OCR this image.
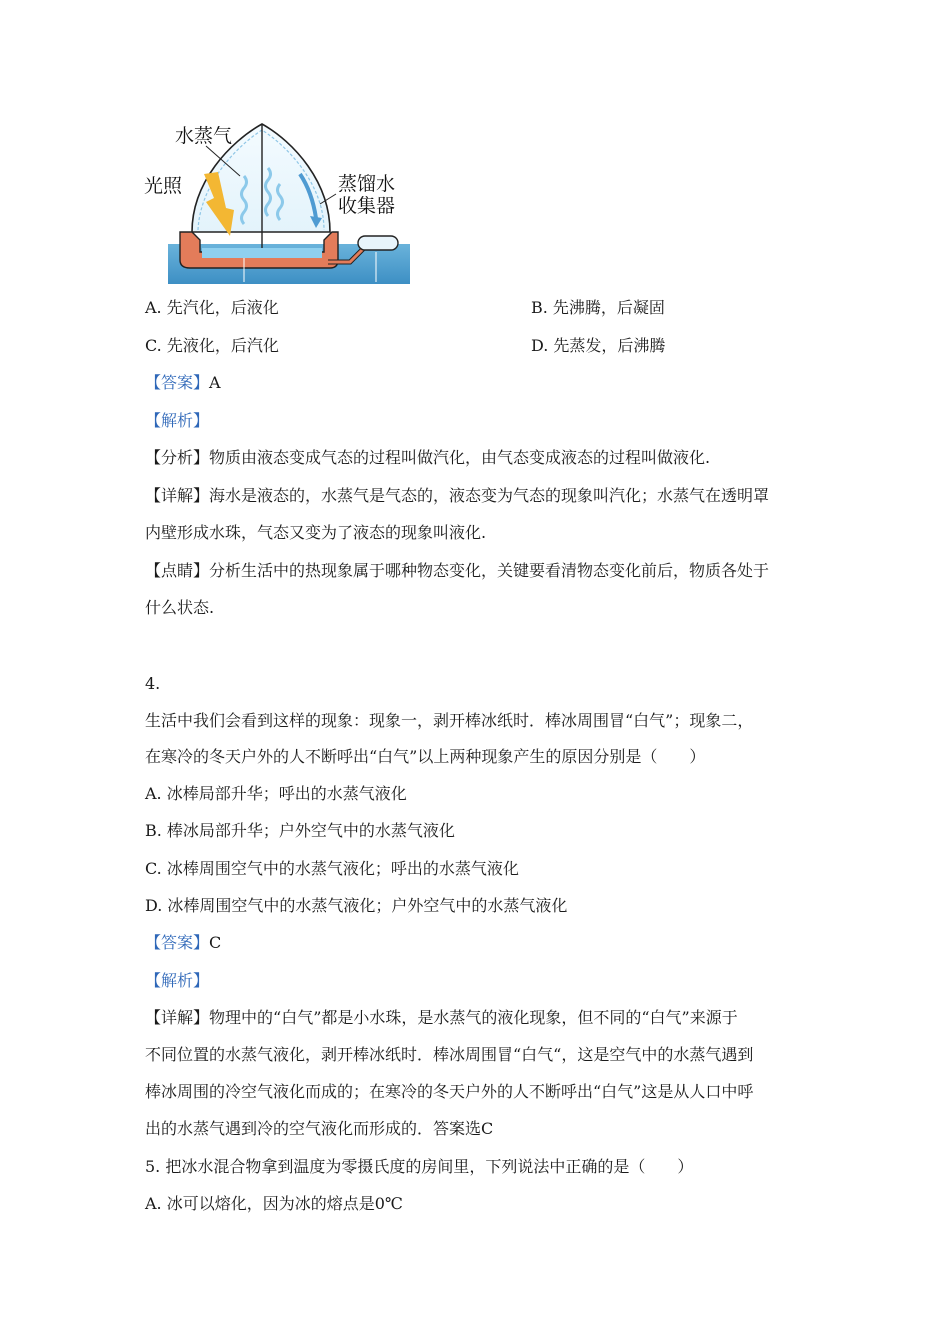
水蒸气
光照	蒸馏水
收集器
A. 先汽化，后液化	B. 先沸腾，后凝固
C. 先液化，后汽化	D. 先蒸发，后沸腾
【答案】A
【解析】
【分析】物质由液态变成气态的过程叫做汽化，由气态变成液态的过程叫做液化.
【详解】海水是液态的，水蒸气是气态的，液态变为气态的现象叫汽化；水蒸气在透明罩
内壁形成水珠，气态又变为了液态的现象叫液化.
【点睛】分析生活中的热现象属于哪种物态变化，关键要看清物态变化前后，物质各处于
什么状态.
4.
生活中我们会看到这样的现象：现象一，剥开棒冰纸时．棒冰周围冒“白气”；现象二，
在寒冷的冬天户外的人不断呼出“白气”以上两种现象产生的原因分别是（　　）
A. 冰棒局部升华；呼出的水蒸气液化
B. 棒冰局部升华；户外空气中的水蒸气液化
C. 冰棒周围空气中的水蒸气液化；呼出的水蒸气液化
D. 冰棒周围空气中的水蒸气液化；户外空气中的水蒸气液化
【答案】C
【解析】
【详解】物理中的“白气”都是小水珠，是水蒸气的液化现象，但不同的“白气”来源于
不同位置的水蒸气液化，剥开棒冰纸时．棒冰周围冒“白气“，这是空气中的水蒸气遇到
棒冰周围的冷空气液化而成的；在寒冷的冬天户外的人不断呼出“白气”这是从人口中呼
出的水蒸气遇到冷的空气液化而形成的．答案选C
5. 把冰水混合物拿到温度为零摄氏度的房间里，下列说法中正确的是（　　）
A. 冰可以熔化，因为冰的熔点是0℃
